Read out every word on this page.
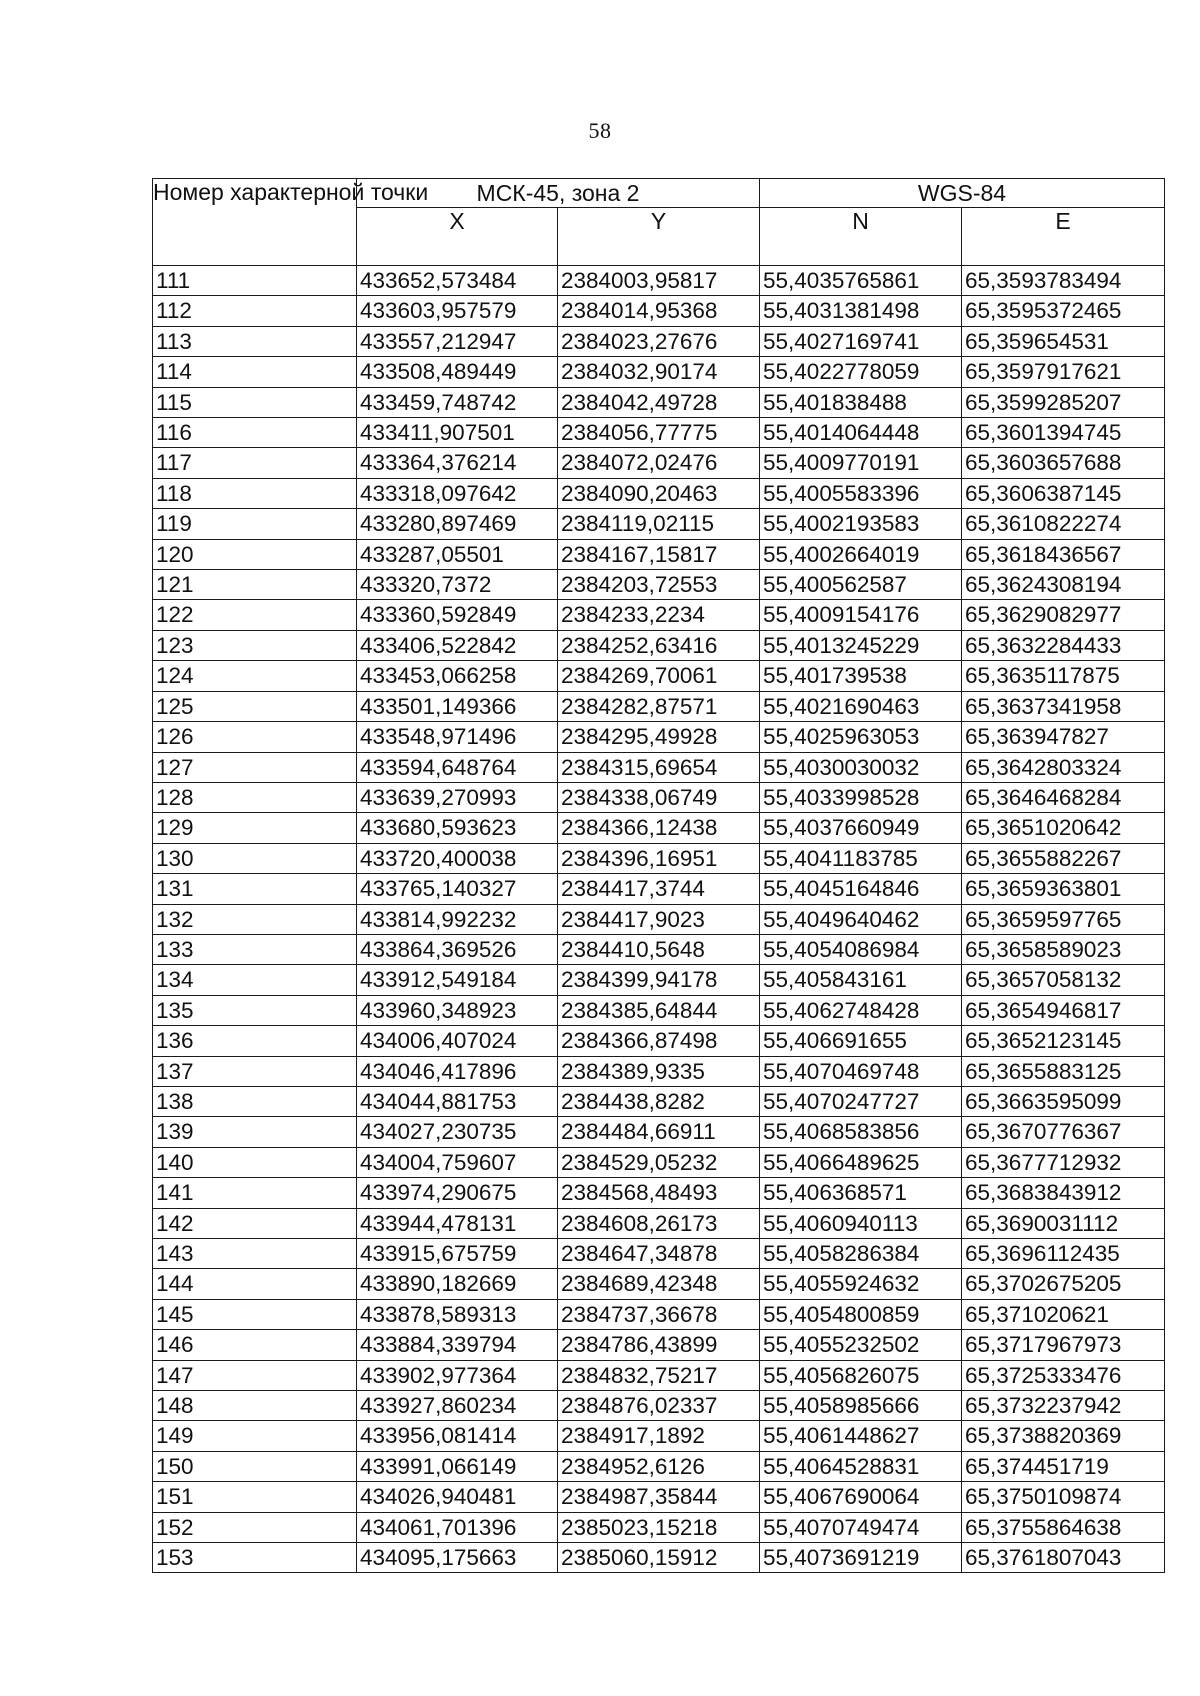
58
Номер характерной точки	МСК-45, зона 2		WGS-84	
	X	Y	N	E
111	433652,573484	2384003,95817	55,4035765861	65,3593783494
112	433603,957579	2384014,95368	55,4031381498	65,3595372465
113	433557,212947	2384023,27676	55,4027169741	65,359654531
114	433508,489449	2384032,90174	55,4022778059	65,3597917621
115	433459,748742	2384042,49728	55,401838488	65,3599285207
116	433411,907501	2384056,77775	55,4014064448	65,3601394745
117	433364,376214	2384072,02476	55,4009770191	65,3603657688
118	433318,097642	2384090,20463	55,4005583396	65,3606387145
119	433280,897469	2384119,02115	55,4002193583	65,3610822274
120	433287,05501	2384167,15817	55,4002664019	65,3618436567
121	433320,7372	2384203,72553	55,400562587	65,3624308194
122	433360,592849	2384233,2234	55,4009154176	65,3629082977
123	433406,522842	2384252,63416	55,4013245229	65,3632284433
124	433453,066258	2384269,70061	55,401739538	65,3635117875
125	433501,149366	2384282,87571	55,4021690463	65,3637341958
126	433548,971496	2384295,49928	55,4025963053	65,363947827
127	433594,648764	2384315,69654	55,4030030032	65,3642803324
128	433639,270993	2384338,06749	55,4033998528	65,3646468284
129	433680,593623	2384366,12438	55,4037660949	65,3651020642
130	433720,400038	2384396,16951	55,4041183785	65,3655882267
131	433765,140327	2384417,3744	55,4045164846	65,3659363801
132	433814,992232	2384417,9023	55,4049640462	65,3659597765
133	433864,369526	2384410,5648	55,4054086984	65,3658589023
134	433912,549184	2384399,94178	55,405843161	65,3657058132
135	433960,348923	2384385,64844	55,4062748428	65,3654946817
136	434006,407024	2384366,87498	55,406691655	65,3652123145
137	434046,417896	2384389,9335	55,4070469748	65,3655883125
138	434044,881753	2384438,8282	55,4070247727	65,3663595099
139	434027,230735	2384484,66911	55,4068583856	65,3670776367
140	434004,759607	2384529,05232	55,4066489625	65,3677712932
141	433974,290675	2384568,48493	55,406368571	65,3683843912
142	433944,478131	2384608,26173	55,4060940113	65,3690031112
143	433915,675759	2384647,34878	55,4058286384	65,3696112435
144	433890,182669	2384689,42348	55,4055924632	65,3702675205
145	433878,589313	2384737,36678	55,4054800859	65,371020621
146	433884,339794	2384786,43899	55,4055232502	65,3717967973
147	433902,977364	2384832,75217	55,4056826075	65,3725333476
148	433927,860234	2384876,02337	55,4058985666	65,3732237942
149	433956,081414	2384917,1892	55,4061448627	65,3738820369
150	433991,066149	2384952,6126	55,4064528831	65,374451719
151	434026,940481	2384987,35844	55,4067690064	65,3750109874
152	434061,701396	2385023,15218	55,4070749474	65,3755864638
153	434095,175663	2385060,15912	55,4073691219	65,3761807043
